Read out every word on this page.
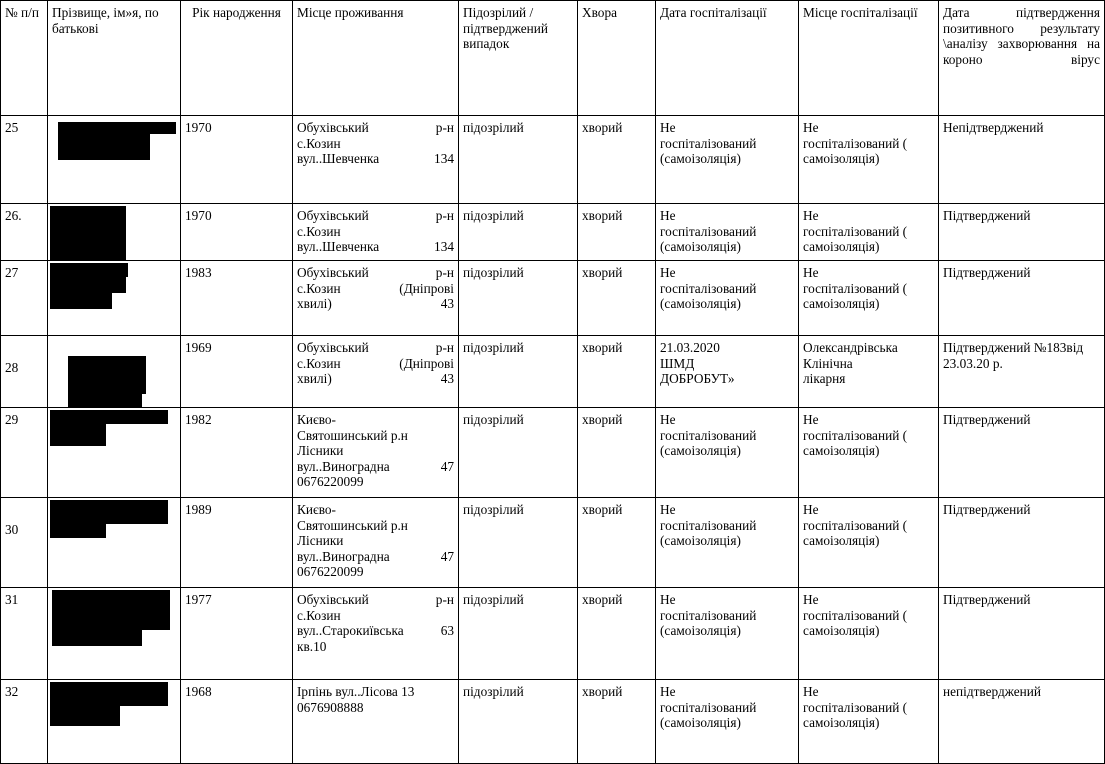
№ п/п	Прізвище, ім»я, по батькові	Рік народження	Місце проживання	Підозрілий / підтверджений випадок	Хвора	Дата госпіталізації	Місце госпіталізації	Дата підтвердження позитивного результату \аналізу захворювання на короно вірус
25		1970	Обухівський р-н
с.Козин
вул..Шевченка 134	підозрілий	хворий	Не
госпіталізований
(самоізоляція)	Не
госпіталізований (
самоізоляція)	Непідтверджений
26.		1970	Обухівський р-н
с.Козин
вул..Шевченка 134	підозрілий	хворий	Не
госпіталізований
(самоізоляція)	Не
госпіталізований (
самоізоляція)	Підтверджений
27		1983	Обухівський р-н
с.Козин (Дніпрові
хвилі) 43	підозрілий	хворий	Не
госпіталізований
(самоізоляція)	Не
госпіталізований (
самоізоляція)	Підтверджений
28		1969	Обухівський р-н
с.Козин (Дніпрові
хвилі) 43	підозрілий	хворий	21.03.2020
ШМД
ДОБРОБУТ»	Олександрівська
Клінічна
лікарня	Підтверджений №183від 23.03.20 р.
29		1982	Києво-
Святошинський р.н
Лісники
вул..Виноградна 47
0676220099	підозрілий	хворий	Не
госпіталізований
(самоізоляція)	Не
госпіталізований (
самоізоляція)	Підтверджений
30		1989	Києво-
Святошинський р.н
Лісники
вул..Виноградна 47
0676220099	підозрілий	хворий	Не
госпіталізований
(самоізоляція)	Не
госпіталізований (
самоізоляція)	Підтверджений
31		1977	Обухівський р-н
с.Козин
вул..Старокиївська 63
кв.10	підозрілий	хворий	Не
госпіталізований
(самоізоляція)	Не
госпіталізований (
самоізоляція)	Підтверджений
32		1968	Ірпінь вул..Лісова 13
0676908888	підозрілий	хворий	Не
госпіталізований
(самоізоляція)	Не
госпіталізований (
самоізоляція)	непідтверджений
